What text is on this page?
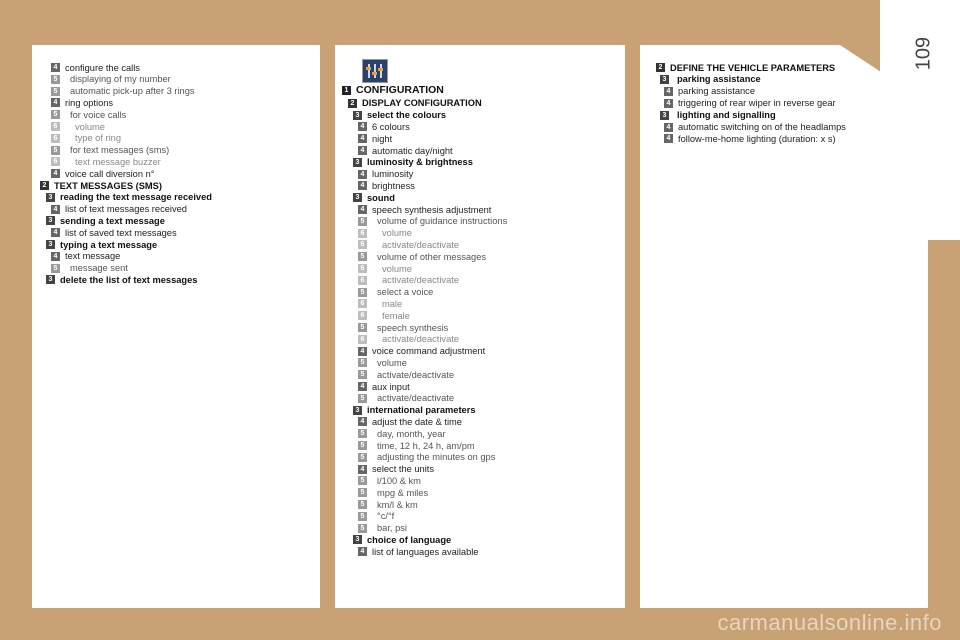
109
4 configure the calls
5 displaying of my number
5 automatic pick-up after 3 rings
4 ring options
5 for voice calls
6 volume
6 type of ring
5 for text messages (sms)
6 text message buzzer
4 voice call diversion n°
2 TEXT MESSAGES (SMS)
3 reading the text message received
4 list of text messages received
3 sending a text message
4 list of saved text messages
3 typing a text message
4 text message
5 message sent
3 delete the list of text messages
1 CONFIGURATION
2 DISPLAY CONFIGURATION
3 select the colours
4 6 colours
4 night
4 automatic day/night
3 luminosity & brightness
4 luminosity
4 brightness
3 sound
4 speech synthesis adjustment
5 volume of guidance instructions
6 volume
6 activate/deactivate
5 volume of other messages
6 volume
6 activate/deactivate
5 select a voice
6 male
6 female
5 speech synthesis
6 activate/deactivate
4 voice command adjustment
5 volume
5 activate/deactivate
4 aux input
5 activate/deactivate
3 international parameters
4 adjust the date & time
5 day, month, year
5 time, 12 h, 24 h, am/pm
5 adjusting the minutes on gps
4 select the units
5 l/100 & km
5 mpg & miles
5 km/l & km
5 °c/°f
5 bar, psi
3 choice of language
4 list of languages available
2 DEFINE THE VEHICLE PARAMETERS
3 parking assistance
4 parking assistance
4 triggering of rear wiper in reverse gear
3 lighting and signalling
4 automatic switching on of the headlamps
4 follow-me-home lighting (duration: x s)
carmanualsonline.info
